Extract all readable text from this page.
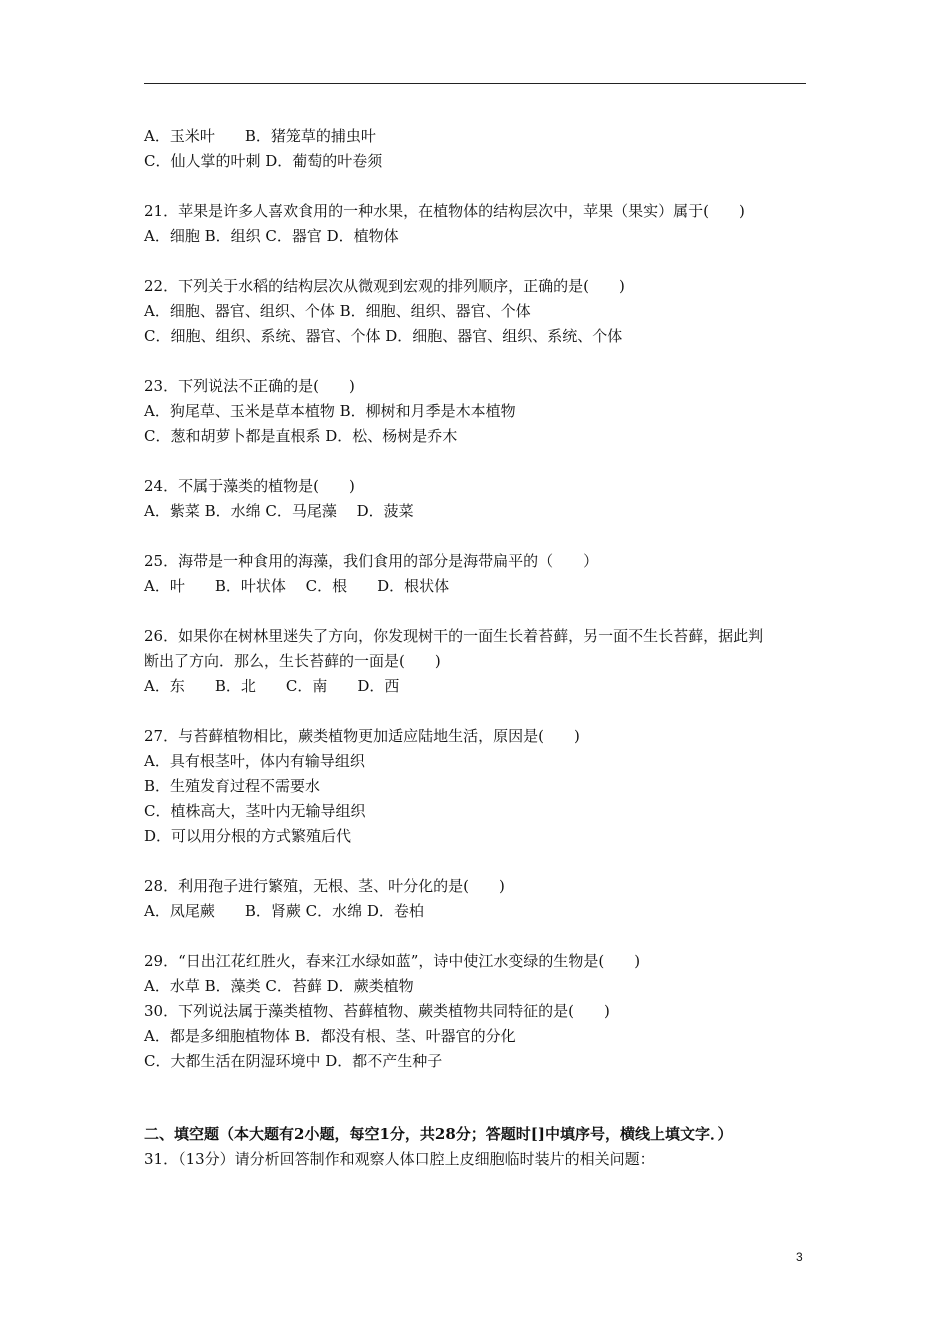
A．玉米叶　　B．猪笼草的捕虫叶
C．仙人掌的叶刺 D．葡萄的叶卷须
21．苹果是许多人喜欢食用的一种水果，在植物体的结构层次中，苹果（果实）属于(　　)
A．细胞 B．组织 C．器官 D．植物体
22．下列关于水稻的结构层次从微观到宏观的排列顺序，正确的是(　　)
A．细胞、器官、组织、个体 B．细胞、组织、器官、个体
C．细胞、组织、系统、器官、个体 D．细胞、器官、组织、系统、个体
23．下列说法不正确的是(　　)
A．狗尾草、玉米是草本植物 B．柳树和月季是木本植物
C．葱和胡萝卜都是直根系 D．松、杨树是乔木
24．不属于藻类的植物是(　　)
A．紫菜 B．水绵 C．马尾藻　 D．菠菜
25．海带是一种食用的海藻，我们食用的部分是海带扁平的（　　）
A．叶　　B．叶状体　 C．根　　D．根状体
26．如果你在树林里迷失了方向，你发现树干的一面生长着苔藓，另一面不生长苔藓，据此判
断出了方向．那么，生长苔藓的一面是(　　)
A．东　　B．北　　C．南　　D．西
27．与苔藓植物相比，蕨类植物更加适应陆地生活，原因是(　　)
A．具有根茎叶，体内有输导组织
B．生殖发育过程不需要水
C．植株高大，茎叶内无输导组织
D．可以用分根的方式繁殖后代
28．利用孢子进行繁殖，无根、茎、叶分化的是(　　)
A．凤尾蕨　　B．肾蕨 C．水绵 D．卷柏
29．“日出江花红胜火，春来江水绿如蓝”，诗中使江水变绿的生物是(　　)
A．水草 B．藻类 C．苔藓 D．蕨类植物
30．下列说法属于藻类植物、苔藓植物、蕨类植物共同特征的是(　　)
A．都是多细胞植物体 B．都没有根、茎、叶器官的分化
C．大都生活在阴湿环境中 D．都不产生种子
二、填空题（本大题有2小题，每空1分，共28分；答题时[]中填序号，横线上填文字．）
31．（13分）请分析回答制作和观察人体口腔上皮细胞临时装片的相关问题：
3
